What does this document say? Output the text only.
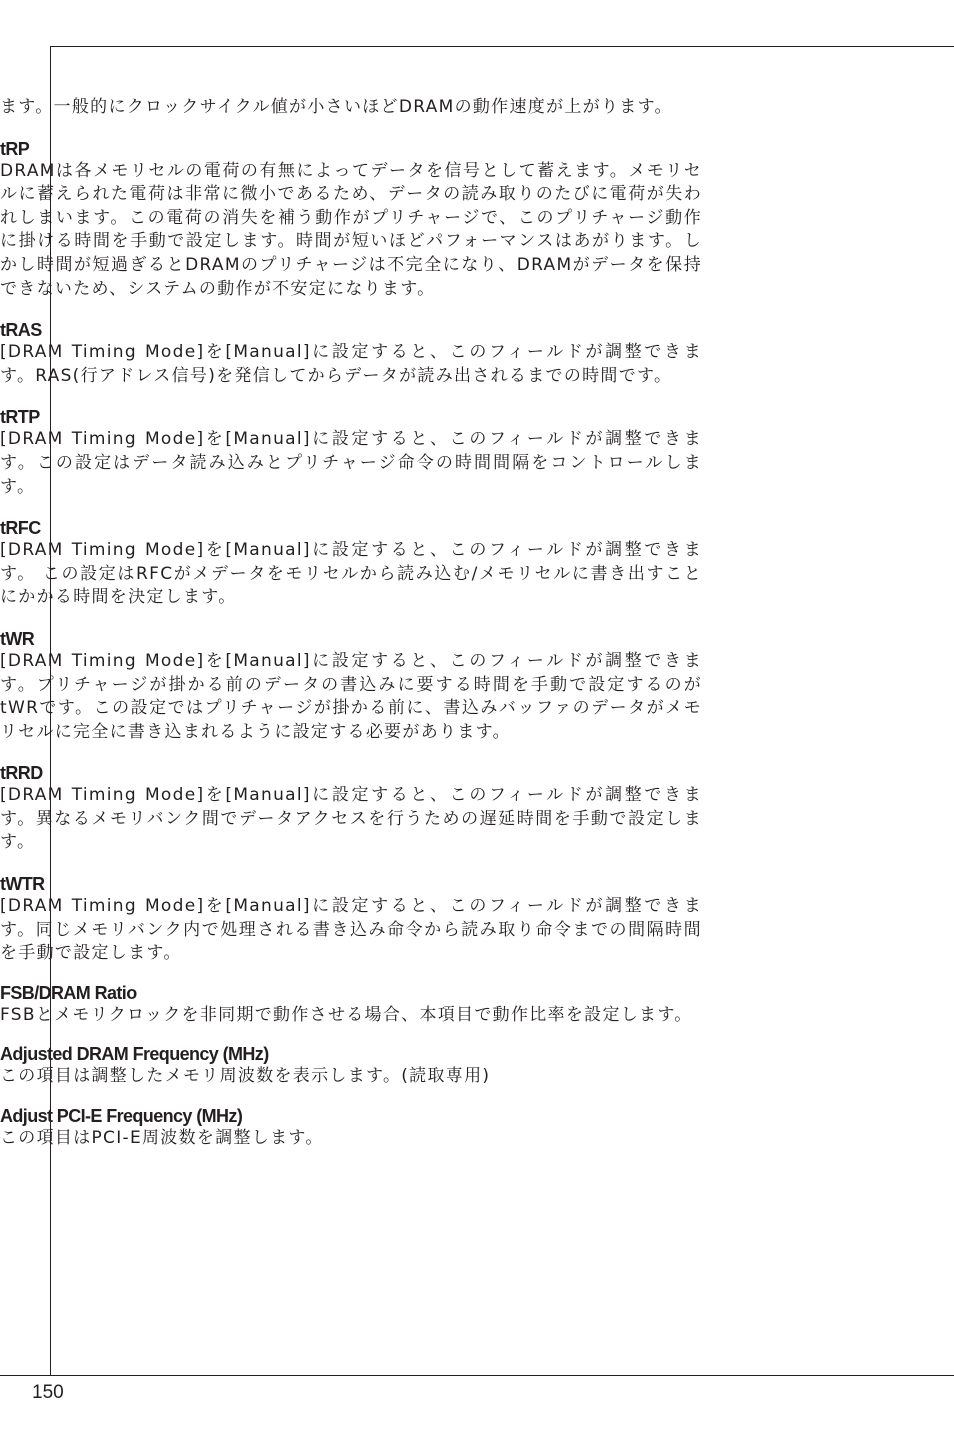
ます。一般的にクロックサイクル値が小さいほどDRAMの動作速度が上がります。

tRP

DRAMは各メモリセルの電荷の有無によってデータを信号として蓄えます。メモリセルに蓄えられた電荷は非常に微小であるため、データの読み取りのたびに電荷が失われしまいます。この電荷の消失を補う動作がプリチャージで、このプリチャージ動作に掛ける時間を手動で設定します。時間が短いほどパフォーマンスはあがります。しかし時間が短過ぎるとDRAMのプリチャージは不完全になり、DRAMがデータを保持できないため、システムの動作が不安定になります。

tRAS

[DRAM Timing Mode]を[Manual]に設定すると、このフィールドが調整できます。RAS(行アドレス信号)を発信してからデータが読み出されるまでの時間です。

tRTP

[DRAM Timing Mode]を[Manual]に設定すると、このフィールドが調整できます。この設定はデータ読み込みとプリチャージ命令の時間間隔をコントロールします。

tRFC

[DRAM Timing Mode]を[Manual]に設定すると、このフィールドが調整できます。 この設定はRFCがメデータをモリセルから読み込む/メモリセルに書き出すことにかかる時間を決定します。

tWR

[DRAM Timing Mode]を[Manual]に設定すると、このフィールドが調整できます。プリチャージが掛かる前のデータの書込みに要する時間を手動で設定するのがtWRです。この設定ではプリチャージが掛かる前に、書込みバッファのデータがメモリセルに完全に書き込まれるように設定する必要があります。

tRRD

[DRAM Timing Mode]を[Manual]に設定すると、このフィールドが調整できます。異なるメモリバンク間でデータアクセスを行うための遅延時間を手動で設定します。

tWTR

[DRAM Timing Mode]を[Manual]に設定すると、このフィールドが調整できます。同じメモリバンク内で処理される書き込み命令から読み取り命令までの間隔時間を手動で設定します。

FSB/DRAM Ratio

FSBとメモリクロックを非同期で動作させる場合、本項目で動作比率を設定します。

Adjusted DRAM Frequency (MHz)

この項目は調整したメモリ周波数を表示します。(読取専用)

Adjust PCI-E Frequency (MHz)

この項目はPCI-E周波数を調整します。

150
